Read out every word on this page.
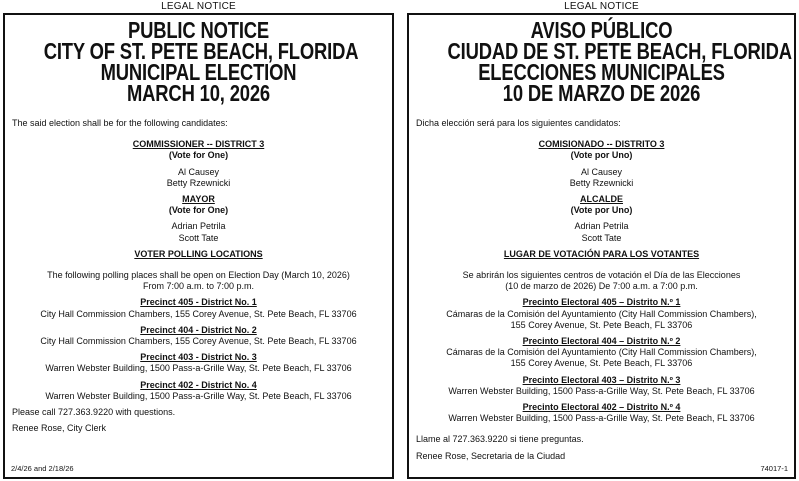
LEGAL NOTICE
PUBLIC NOTICE
CITY OF ST. PETE BEACH, FLORIDA
MUNICIPAL ELECTION
MARCH 10, 2026

The said election shall be for the following candidates:

COMMISSIONER -- DISTRICT 3
(Vote for One)
Al Causey
Betty Rzewnicki
MAYOR
(Vote for One)
Adrian Petrila
Scott Tate
VOTER POLLING LOCATIONS
The following polling places shall be open on Election Day (March 10, 2026)
From 7:00 a.m. to 7:00 p.m.
Precinct 405 - District No. 1
City Hall Commission Chambers, 155 Corey Avenue, St. Pete Beach, FL 33706
Precinct 404 - District No. 2
City Hall Commission Chambers, 155 Corey Avenue, St. Pete Beach, FL 33706
Precinct 403 - District No. 3
Warren Webster Building, 1500 Pass-a-Grille Way, St. Pete Beach, FL 33706
Precinct 402 - District No. 4
Warren Webster Building, 1500 Pass-a-Grille Way, St. Pete Beach, FL 33706
Please call 727.363.9220 with questions.
Renee Rose, City Clerk
2/4/26 and 2/18/26
LEGAL NOTICE
AVISO PÚBLICO
CIUDAD DE ST. PETE BEACH, FLORIDA
ELECCIONES MUNICIPALES
10 DE MARZO DE 2026

Dicha elección será para los siguientes candidatos:

COMISIONADO -- DISTRITO 3
(Vote por Uno)
Al Causey
Betty Rzewnicki
ALCALDE
(Vote por Uno)
Adrian Petrila
Scott Tate
LUGAR DE VOTACIÓN PARA LOS VOTANTES
Se abrirán los siguientes centros de votación el Día de las Elecciones
(10 de marzo de 2026) De 7:00 a.m. a 7:00 p.m.
Precinto Electoral 405 – Distrito N.º 1
Cámaras de la Comisión del Ayuntamiento (City Hall Commission Chambers),
155 Corey Avenue, St. Pete Beach, FL 33706
Precinto Electoral 404 – Distrito N.º 2
Cámaras de la Comisión del Ayuntamiento (City Hall Commission Chambers),
155 Corey Avenue, St. Pete Beach, FL 33706
Precinto Electoral 403 – Distrito N.º 3
Warren Webster Building, 1500 Pass-a-Grille Way, St. Pete Beach, FL 33706
Precinto Electoral 402 – Distrito N.º 4
Warren Webster Building, 1500 Pass-a-Grille Way, St. Pete Beach, FL 33706
Llame al 727.363.9220 si tiene preguntas.
Renee Rose, Secretaria de la Ciudad
74017-1
